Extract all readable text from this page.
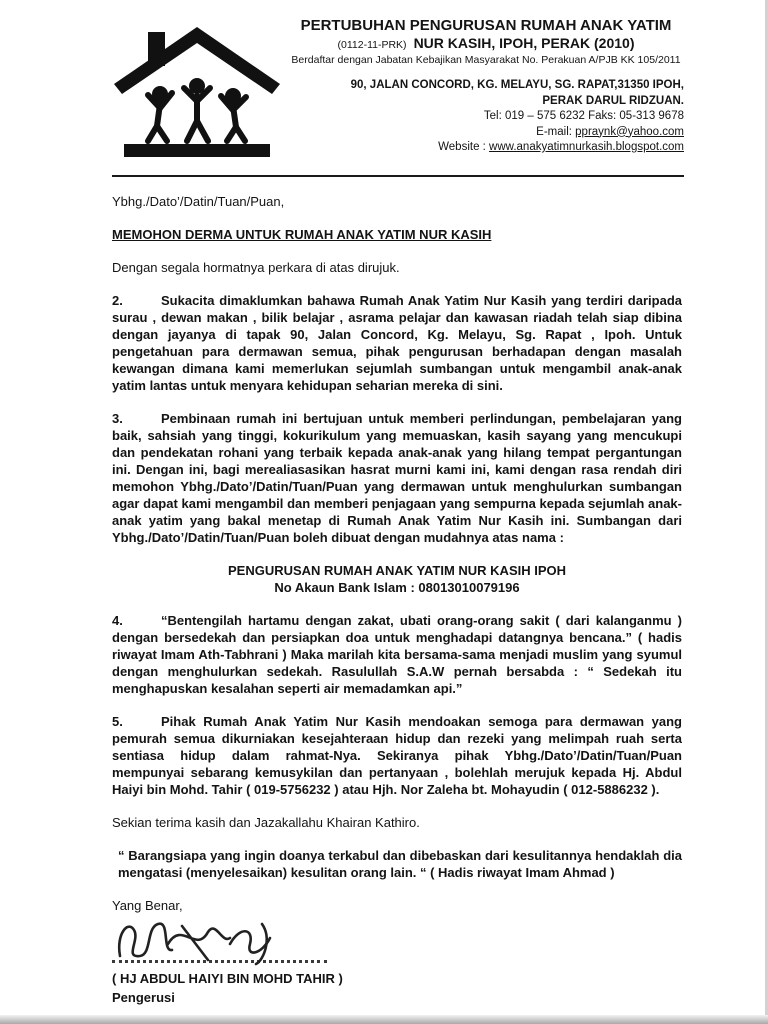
PERTUBUHAN PENGURUSAN RUMAH ANAK YATIM
(0112-11-PRK) NUR KASIH, IPOH, PERAK (2010)
Berdaftar dengan Jabatan Kebajikan Masyarakat No. Perakuan A/PJB KK 105/2011
90, JALAN CONCORD, KG. MELAYU, SG. RAPAT,31350 IPOH,
PERAK DARUL RIDZUAN.
Tel: 019 – 575 6232 Faks: 05-313 9678
E-mail: ppraynk@yahoo.com
Website : www.anakyatimnurkasih.blogspot.com

Ybhg./Dato’/Datin/Tuan/Puan,

MEMOHON DERMA UNTUK RUMAH ANAK YATIM NUR KASIH

Dengan segala hormatnya perkara di atas dirujuk.

2.	Sukacita dimaklumkan bahawa Rumah Anak Yatim Nur Kasih yang terdiri daripada surau , dewan makan , bilik belajar , asrama pelajar dan kawasan riadah telah siap dibina dengan jayanya di tapak 90, Jalan Concord, Kg. Melayu, Sg. Rapat , Ipoh. Untuk pengetahuan para dermawan semua, pihak pengurusan berhadapan dengan masalah kewangan dimana kami memerlukan sejumlah sumbangan untuk mengambil anak-anak yatim lantas untuk menyara kehidupan seharian mereka di sini.

3.	Pembinaan rumah ini bertujuan untuk memberi perlindungan, pembelajaran yang baik, sahsiah yang tinggi, kokurikulum yang memuaskan, kasih sayang yang mencukupi dan pendekatan rohani yang terbaik kepada anak-anak yang hilang tempat pergantungan ini. Dengan ini, bagi merealiasasikan hasrat murni kami ini, kami dengan rasa rendah diri memohon Ybhg./Dato’/Datin/Tuan/Puan yang dermawan untuk menghulurkan sumbangan agar dapat kami mengambil dan memberi penjagaan yang sempurna kepada sejumlah anak-anak yatim yang bakal menetap di Rumah Anak Yatim Nur Kasih ini. Sumbangan dari Ybhg./Dato’/Datin/Tuan/Puan boleh dibuat dengan mudahnya atas nama :

PENGURUSAN RUMAH ANAK YATIM NUR KASIH IPOH

No Akaun Bank Islam : 08013010079196

4.	“Bentengilah hartamu dengan zakat, ubati orang-orang sakit ( dari kalanganmu ) dengan bersedekah dan persiapkan doa untuk menghadapi datangnya bencana.” ( hadis riwayat Imam Ath-Tabhrani ) Maka marilah kita bersama-sama menjadi muslim yang syumul dengan menghulurkan sedekah. Rasulullah S.A.W pernah bersabda : “ Sedekah itu menghapuskan kesalahan seperti air memadamkan api.”

5.	Pihak Rumah Anak Yatim Nur Kasih mendoakan semoga para dermawan yang pemurah semua dikurniakan kesejahteraan hidup dan rezeki yang melimpah ruah serta sentiasa hidup dalam rahmat-Nya. Sekiranya pihak Ybhg./Dato’/Datin/Tuan/Puan mempunyai sebarang kemusykilan dan pertanyaan , bolehlah merujuk kepada Hj. Abdul Haiyi bin Mohd. Tahir ( 019-5756232 ) atau Hjh. Nor Zaleha bt. Mohayudin ( 012-5886232 ).

Sekian terima kasih dan Jazakallahu Khairan Kathiro.

“ Barangsiapa yang ingin doanya terkabul dan dibebaskan dari kesulitannya hendaklah dia mengatasi (menyelesaikan) kesulitan orang lain. “ ( Hadis riwayat Imam Ahmad )

Yang Benar,

( HJ ABDUL HAIYI BIN MOHD TAHIR )

Pengerusi
